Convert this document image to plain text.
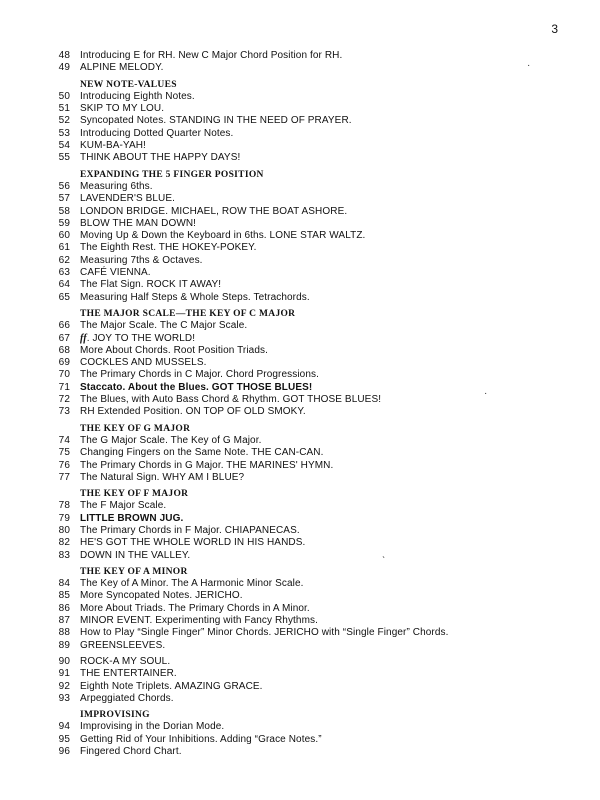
3
·
·
ˋ
48 Introducing E for RH. New C Major Chord Position for RH.
49 ALPINE MELODY.
NEW NOTE-VALUES
50 Introducing Eighth Notes.
51 SKIP TO MY LOU.
52 Syncopated Notes. STANDING IN THE NEED OF PRAYER.
53 Introducing Dotted Quarter Notes.
54 KUM-BA-YAH!
55 THINK ABOUT THE HAPPY DAYS!
EXPANDING THE 5 FINGER POSITION
56 Measuring 6ths.
57 LAVENDER'S BLUE.
58 LONDON BRIDGE. MICHAEL, ROW THE BOAT ASHORE.
59 BLOW THE MAN DOWN!
60 Moving Up & Down the Keyboard in 6ths. LONE STAR WALTZ.
61 The Eighth Rest. THE HOKEY-POKEY.
62 Measuring 7ths & Octaves.
63 CAFÉ VIENNA.
64 The Flat Sign. ROCK IT AWAY!
65 Measuring Half Steps & Whole Steps. Tetrachords.
THE MAJOR SCALE—THE KEY OF C MAJOR
66 The Major Scale. The C Major Scale.
67 ff. JOY TO THE WORLD!
68 More About Chords. Root Position Triads.
69 COCKLES AND MUSSELS.
70 The Primary Chords in C Major. Chord Progressions.
71 Staccato. About the Blues. GOT THOSE BLUES!
72 The Blues, with Auto Bass Chord & Rhythm. GOT THOSE BLUES!
73 RH Extended Position. ON TOP OF OLD SMOKY.
THE KEY OF G MAJOR
74 The G Major Scale. The Key of G Major.
75 Changing Fingers on the Same Note. THE CAN-CAN.
76 The Primary Chords in G Major. THE MARINES' HYMN.
77 The Natural Sign. WHY AM I BLUE?
THE KEY OF F MAJOR
78 The F Major Scale.
79 LITTLE BROWN JUG.
80 The Primary Chords in F Major. CHIAPANECAS.
82 HE'S GOT THE WHOLE WORLD IN HIS HANDS.
83 DOWN IN THE VALLEY.
THE KEY OF A MINOR
84 The Key of A Minor. The A Harmonic Minor Scale.
85 More Syncopated Notes. JERICHO.
86 More About Triads. The Primary Chords in A Minor.
87 MINOR EVENT. Experimenting with Fancy Rhythms.
88 How to Play “Single Finger” Minor Chords. JERICHO with “Single Finger” Chords.
89 GREENSLEEVES.
90 ROCK-A MY SOUL.
91 THE ENTERTAINER.
92 Eighth Note Triplets. AMAZING GRACE.
93 Arpeggiated Chords.
IMPROVISING
94 Improvising in the Dorian Mode.
95 Getting Rid of Your Inhibitions. Adding “Grace Notes.”
96 Fingered Chord Chart.
